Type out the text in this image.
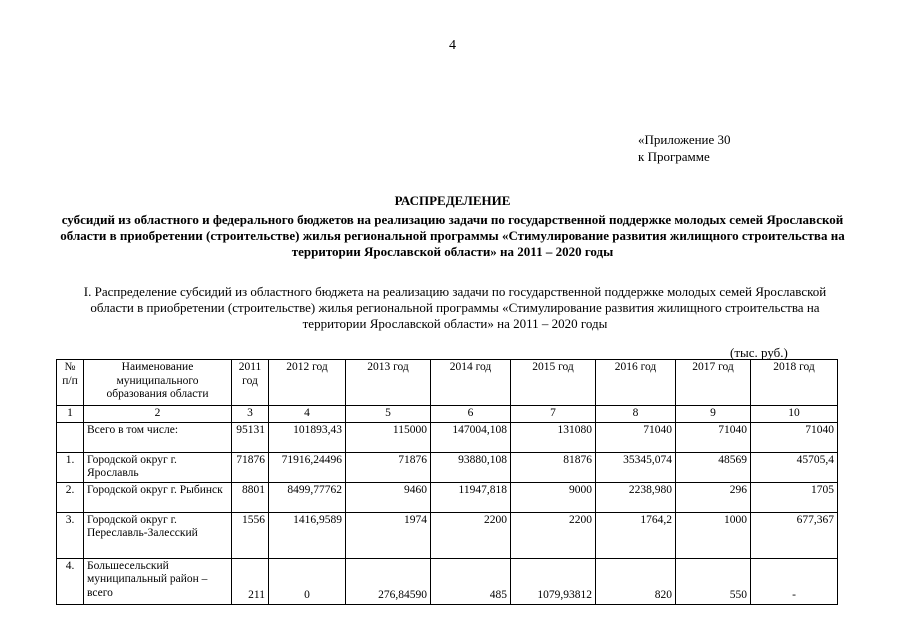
4
«Приложение 30
к Программе
РАСПРЕДЕЛЕНИЕ
субсидий из областного и федерального бюджетов на реализацию задачи по государственной поддержке молодых семей Ярославской области в приобретении (строительстве) жилья региональной программы «Стимулирование развития жилищного строительства на территории Ярославской области» на 2011 – 2020 годы
I. Распределение субсидий из областного бюджета на реализацию задачи по государственной поддержке молодых семей Ярославской области в приобретении (строительстве) жилья региональной программы «Стимулирование развития жилищного строительства на территории Ярославской области» на 2011 – 2020 годы
(тыс. руб.)
№ п/п	Наименование муниципального образования области	2011 год	2012 год	2013 год	2014 год	2015 год	2016 год	2017 год	2018 год
1	2	3	4	5	6	7	8	9	10
	Всего в том числе:	95131	101893,43	115000	147004,108	131080	71040	71040	71040
1.	Городской округ г. Ярославль	71876	71916,24496	71876	93880,108	81876	35345,074	48569	45705,4
2.	Городской округ г. Рыбинск	8801	8499,77762	9460	11947,818	9000	2238,980	296	1705
3.	Городской округ г. Переславль-Залесский	1556	1416,9589	1974	2200	2200	1764,2	1000	677,367
4.	Большесельский муниципальный район – всего	211	0	276,84590	485	1079,93812	820	550	-
